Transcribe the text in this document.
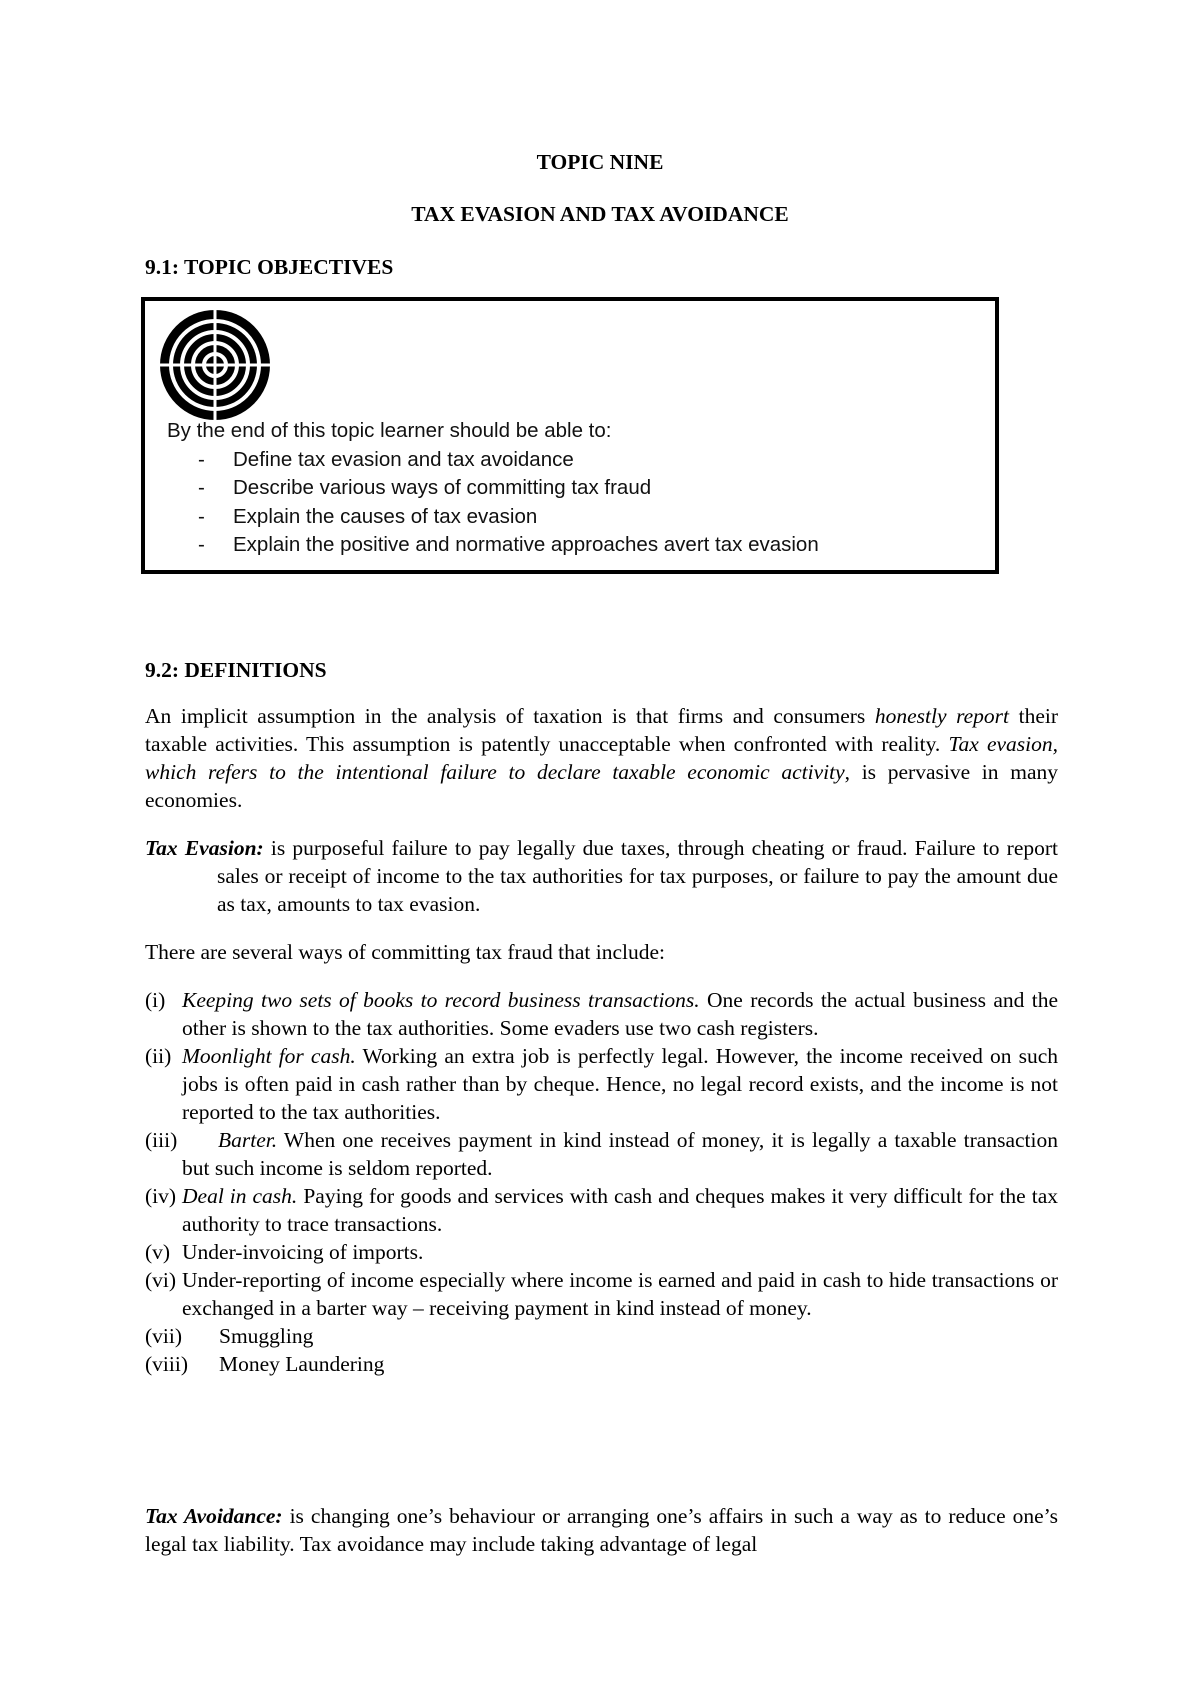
TOPIC NINE
TAX EVASION AND TAX AVOIDANCE
9.1: TOPIC OBJECTIVES
By the end of this topic learner should be able to:
- Define tax evasion and tax avoidance
- Describe various ways of committing tax fraud
- Explain the causes of tax evasion
- Explain the positive and normative approaches avert tax evasion
9.2: DEFINITIONS
An implicit assumption in the analysis of taxation is that firms and consumers honestly report their taxable activities. This assumption is patently unacceptable when confronted with reality. Tax evasion, which refers to the intentional failure to declare taxable economic activity, is pervasive in many economies.

Tax Evasion: is purposeful failure to pay legally due taxes, through cheating or fraud. Failure to report sales or receipt of income to the tax authorities for tax purposes, or failure to pay the amount due as tax, amounts to tax evasion.

There are several ways of committing tax fraud that include:
(i) Keeping two sets of books to record business transactions. One records the actual business and the other is shown to the tax authorities. Some evaders use two cash registers.
(ii) Moonlight for cash. Working an extra job is perfectly legal. However, the income received on such jobs is often paid in cash rather than by cheque. Hence, no legal record exists, and the income is not reported to the tax authorities.
(iii)	Barter. When one receives payment in kind instead of money, it is legally a taxable transaction but such income is seldom reported.
(iv) Deal in cash. Paying for goods and services with cash and cheques makes it very difficult for the tax authority to trace transactions.
(v) Under-invoicing of imports.
(vi) Under-reporting of income especially where income is earned and paid in cash to hide transactions or exchanged in a barter way – receiving payment in kind instead of money.
(vii)	Smuggling
(viii)	Money Laundering
Tax Avoidance: is changing one’s behaviour or arranging one’s affairs in such a way as to reduce one’s legal tax liability. Tax avoidance may include taking advantage of legal
